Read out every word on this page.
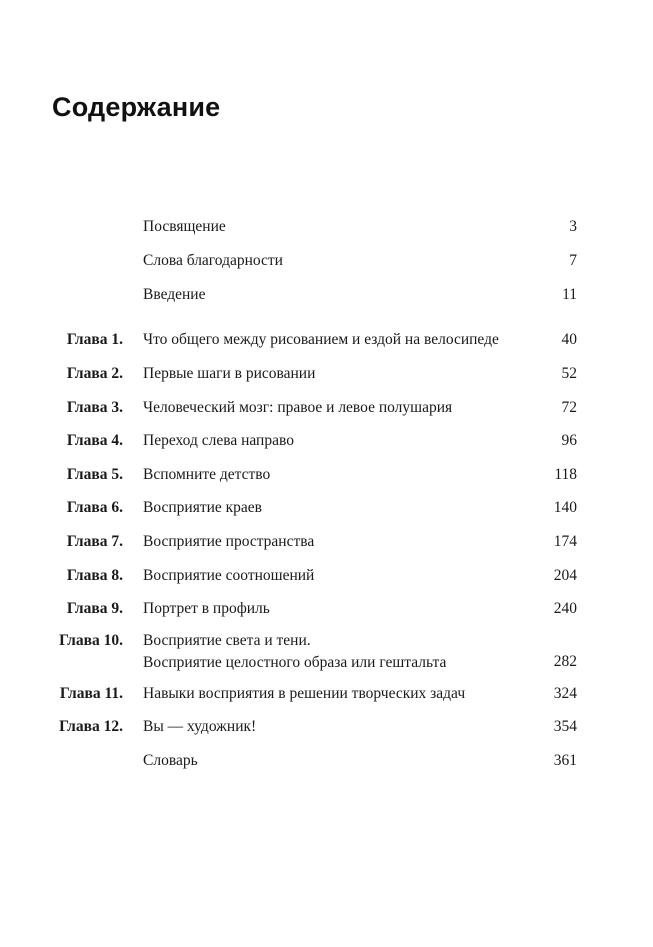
Содержание
Посвящение	3
Слова благодарности	7
Введение	11
Глава 1. Что общего между рисованием и ездой на велосипеде	40
Глава 2. Первые шаги в рисовании	52
Глава 3. Человеческий мозг: правое и левое полушария	72
Глава 4. Переход слева направо	96
Глава 5. Вспомните детство	118
Глава 6. Восприятие краев	140
Глава 7. Восприятие пространства	174
Глава 8. Восприятие соотношений	204
Глава 9. Портрет в профиль	240
Глава 10. Восприятие света и тени.
Восприятие целостного образа или гештальта	282
Глава 11. Навыки восприятия в решении творческих задач	324
Глава 12. Вы — художник!	354
Словарь	361
